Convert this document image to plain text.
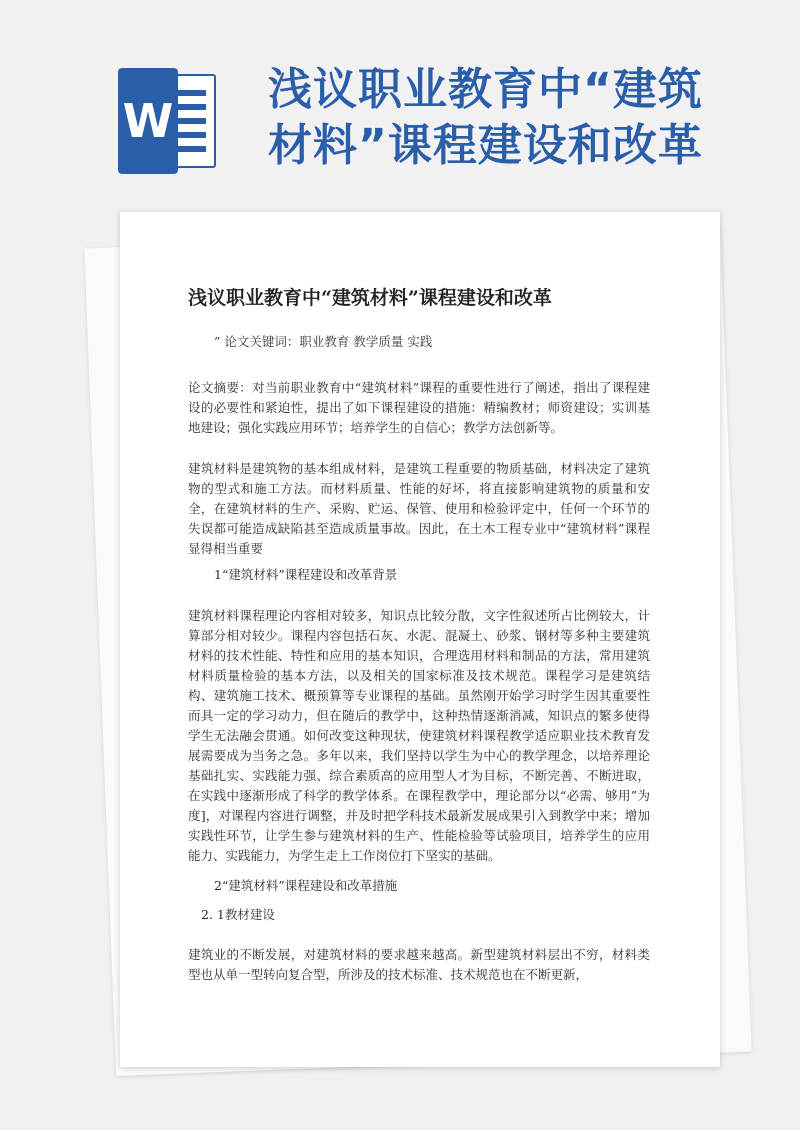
W
浅议职业教育中“建筑材料”课程建设和改革
浅议职业教育中“建筑材料”课程建设和改革
” 论文关键词：职业教育 教学质量 实践
论文摘要：对当前职业教育中“建筑材料”课程的重要性进行了阐述，指出了课程建设的必要性和紧迫性，提出了如下课程建设的措施：精编教材；师资建设；实训基地建设；强化实践应用环节；培养学生的自信心；教学方法创新等。
建筑材料是建筑物的基本组成材料，是建筑工程重要的物质基础，材料决定了建筑物的型式和施工方法。而材料质量、性能的好坏，将直接影响建筑物的质量和安全，在建筑材料的生产、采购、贮运、保管、使用和检验评定中，任何一个环节的失误都可能造成缺陷甚至造成质量事故。因此，在土木工程专业中“建筑材料”课程显得相当重要
1“建筑材料”课程建设和改革背景
建筑材料课程理论内容相对较多，知识点比较分散，文字性叙述所占比例较大，计算部分相对较少。课程内容包括石灰、水泥、混凝土、砂浆、钢材等多种主要建筑材料的技术性能、特性和应用的基本知识，合理选用材料和制品的方法，常用建筑材料质量检验的基本方法，以及相关的国家标准及技术规范。课程学习是建筑结构、建筑施工技术、概预算等专业课程的基础。虽然刚开始学习时学生因其重要性而具一定的学习动力，但在随后的教学中，这种热情逐渐消减，知识点的繁多使得学生无法融会贯通。如何改变这种现状，使建筑材料课程教学适应职业技术教育发展需要成为当务之急。多年以来，我们坚持以学生为中心的教学理念，以培养理论基础扎实、实践能力强、综合素质高的应用型人才为目标，不断完善、不断进取，在实践中逐渐形成了科学的教学体系。在课程教学中，理论部分以“必需、够用”为度]，对课程内容进行调整，并及时把学科技术最新发展成果引入到教学中来；增加实践性环节，让学生参与建筑材料的生产、性能检验等试验项目，培养学生的应用能力、实践能力，为学生走上工作岗位打下坚实的基础。
2“建筑材料”课程建设和改革措施
2. 1教材建设
建筑业的不断发展，对建筑材料的要求越来越高。新型建筑材料层出不穷，材料类型也从单一型转向复合型，所涉及的技术标准、技术规范也在不断更新，
